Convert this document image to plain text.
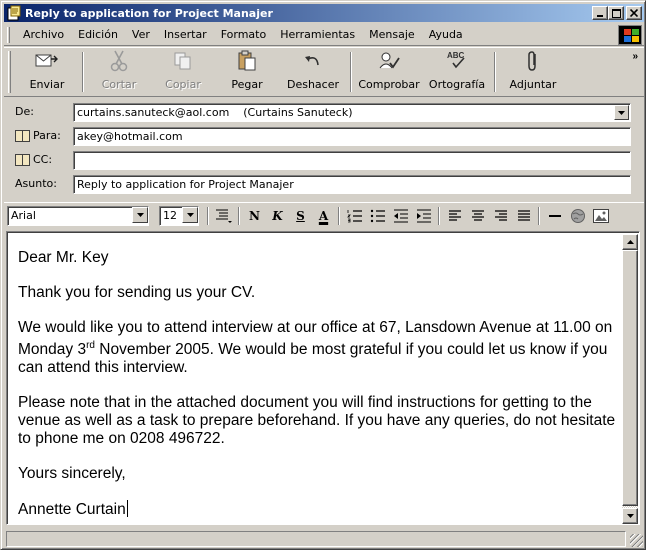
Reply to application for Project Manajer
Archivo	Edición	Ver	Insertar	Formato	Herramientas	Mensaje	Ayuda
Enviar	Cortar	Copiar	Pegar Deshacer Comprobar
ABC
Ortografía Adjuntar
»
De:	curtains.sanuteck@aol.com    (Curtains Sanuteck)
Para:	akey@hotmail.com
CC:
Asunto:	Reply to application for Project Manajer
Arial	12	N	K	S	A

Dear Mr. Key

Thank you for sending us your CV.

We would like you to attend interview at our office at 67, Lansdown Avenue at 11.00 on Monday 3rd November 2005. We would be most grateful if you could let us know if you can attend this interview.

Please note that in the attached document you will find instructions for getting to the venue as well as a task to prepare beforehand. If you have any queries, do not hesitate to phone me on 0208 496722.

Yours sincerely,

Annette Curtain
